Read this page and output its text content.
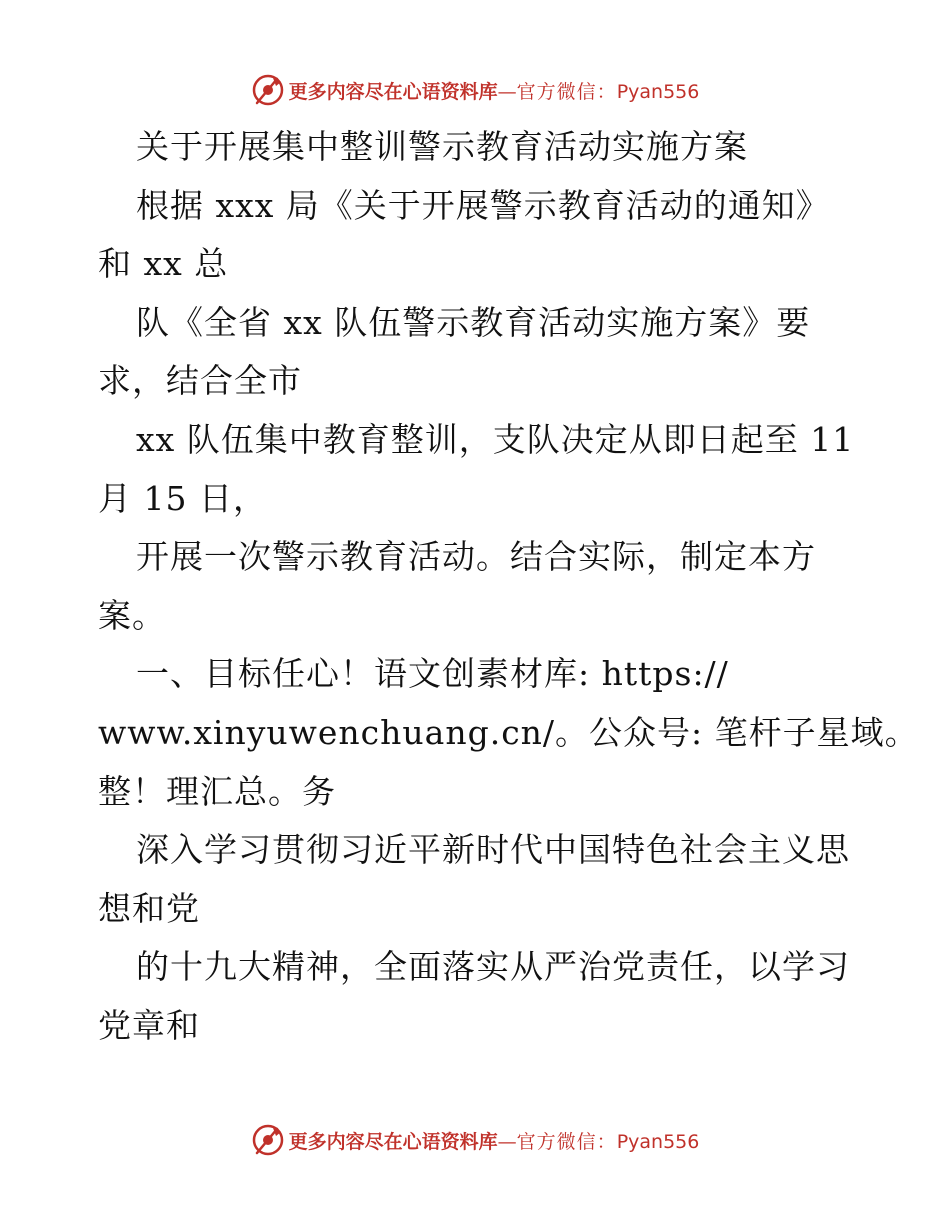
更多内容尽在心语资料库—官方微信：Pyan556
关于开展集中整训警示教育活动实施方案
根据 xxx 局《关于开展警示教育活动的通知》
和 xx 总
队《全省 xx 队伍警示教育活动实施方案》要
求，结合全市
xx 队伍集中教育整训，支队决定从即日起至 11
月 15 日，
开展一次警示教育活动。结合实际，制定本方
案。
一、目标任心！语文创素材库: https://
www.xinyuwenchuang.cn/。公众号: 笔杆子星域。
整！理汇总。务
深入学习贯彻习近平新时代中国特色社会主义思
想和党
的十九大精神，全面落实从严治党责任，以学习
党章和
更多内容尽在心语资料库—官方微信：Pyan556
